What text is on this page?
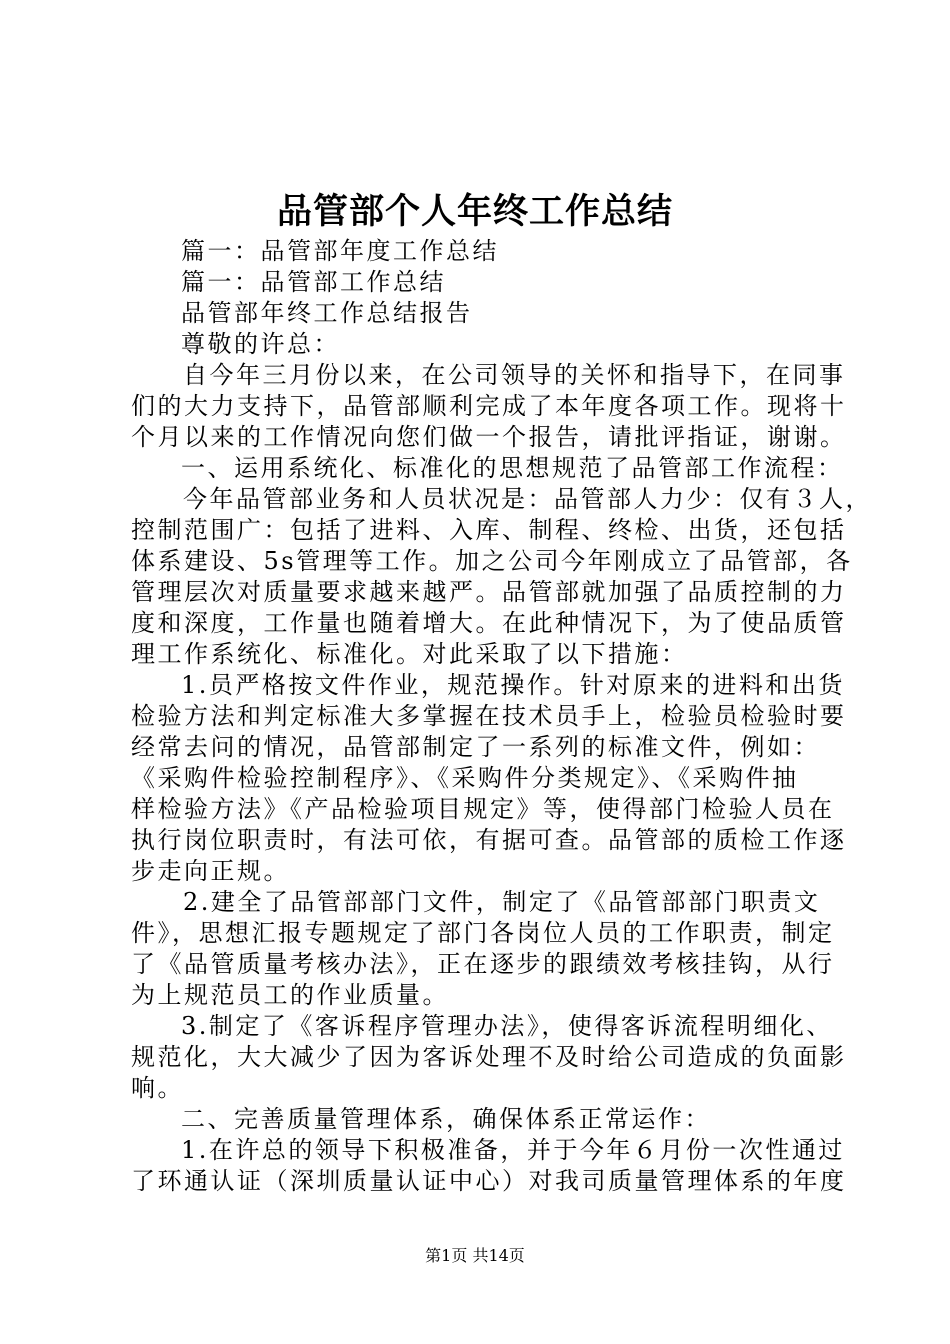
品管部个人年终工作总结
篇一：品管部年度工作总结
篇一：品管部工作总结
品管部年终工作总结报告
尊敬的许总：
自今年三月份以来，在公司领导的关怀和指导下，在同事
们的大力支持下，品管部顺利完成了本年度各项工作。现将十
个月以来的工作情况向您们做一个报告，请批评指证，谢谢。
一、运用系统化、标准化的思想规范了品管部工作流程：
今年品管部业务和人员状况是：品管部人力少：仅有３人，
控制范围广：包括了进料、入库、制程、终检、出货，还包括
体系建设、5s管理等工作。加之公司今年刚成立了品管部，各
管理层次对质量要求越来越严。品管部就加强了品质控制的力
度和深度，工作量也随着增大。在此种情况下，为了使品质管
理工作系统化、标准化。对此采取了以下措施：
1.员严格按文件作业，规范操作。针对原来的进料和出货
检验方法和判定标准大多掌握在技术员手上，检验员检验时要
经常去问的情况，品管部制定了一系列的标准文件，例如：
《采购件检验控制程序》、《采购件分类规定》、《采购件抽
样检验方法》《产品检验项目规定》等，使得部门检验人员在
执行岗位职责时，有法可依，有据可查。品管部的质检工作逐
步走向正规。
2.建全了品管部部门文件，制定了《品管部部门职责文
件》，思想汇报专题规定了部门各岗位人员的工作职责，制定
了《品管质量考核办法》，正在逐步的跟绩效考核挂钩，从行
为上规范员工的作业质量。
3.制定了《客诉程序管理办法》，使得客诉流程明细化、
规范化，大大减少了因为客诉处理不及时给公司造成的负面影
响。
二、完善质量管理体系，确保体系正常运作：
1.在许总的领导下积极准备，并于今年６月份一次性通过
了环通认证（深圳质量认证中心）对我司质量管理体系的年度
第1页 共14页
